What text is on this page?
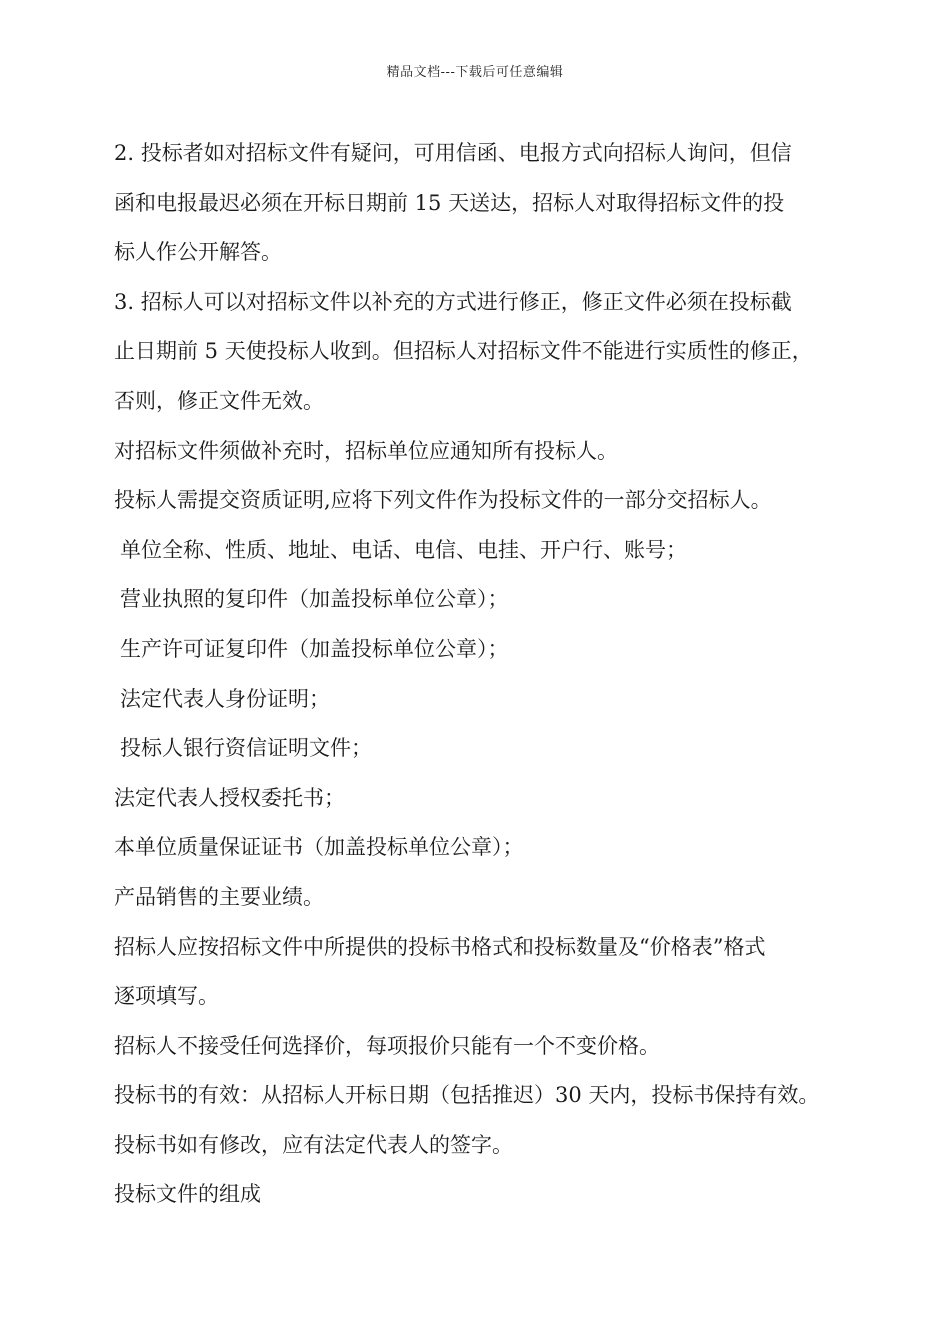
精品文档---下载后可任意编辑

2. 投标者如对招标文件有疑问，可用信函、电报方式向招标人询问，但信

函和电报最迟必须在开标日期前 15 天送达，招标人对取得招标文件的投

标人作公开解答。

3. 招标人可以对招标文件以补充的方式进行修正，修正文件必须在投标截

止日期前 5 天使投标人收到。但招标人对招标文件不能进行实质性的修正，

否则，修正文件无效。

对招标文件须做补充时，招标单位应通知所有投标人。

投标人需提交资质证明,应将下列文件作为投标文件的一部分交招标人。

单位全称、性质、地址、电话、电信、电挂、开户行、账号；

营业执照的复印件（加盖投标单位公章）；

生产许可证复印件（加盖投标单位公章）；

法定代表人身份证明；

投标人银行资信证明文件；

法定代表人授权委托书；

本单位质量保证证书（加盖投标单位公章）；

产品销售的主要业绩。

招标人应按招标文件中所提供的投标书格式和投标数量及“价格表”格式

逐项填写。

招标人不接受任何选择价，每项报价只能有一个不变价格。

投标书的有效：从招标人开标日期（包括推迟）30 天内，投标书保持有效。

投标书如有修改，应有法定代表人的签字。

投标文件的组成
